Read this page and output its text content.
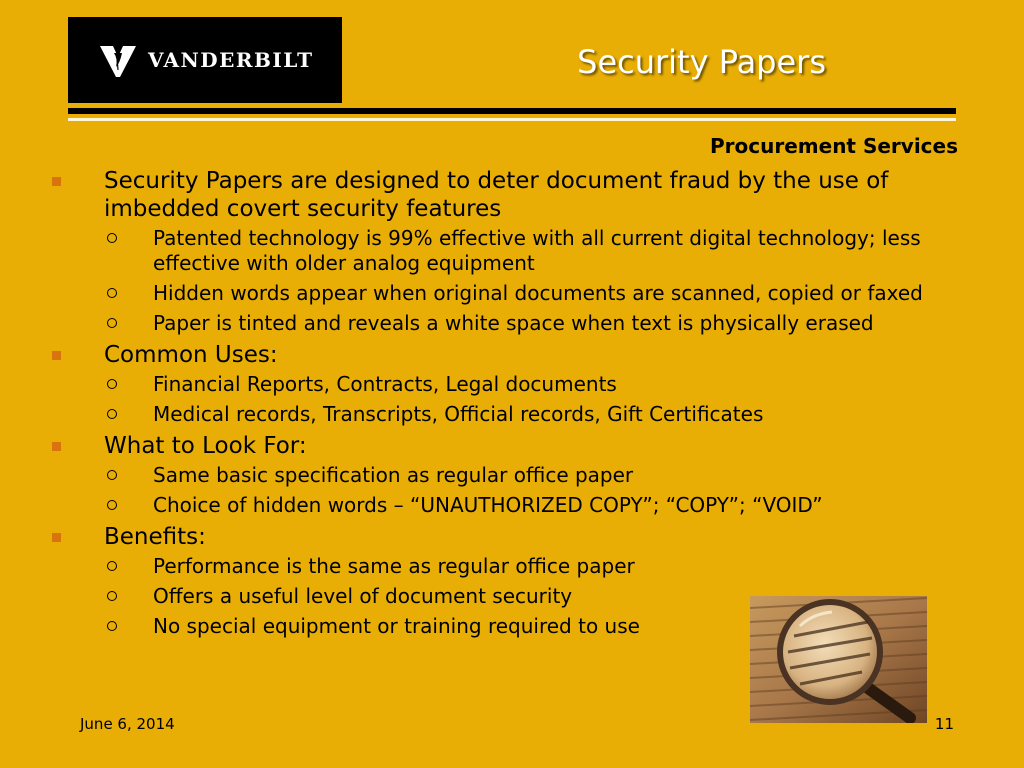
VANDERBILT	Security Papers
Procurement Services
Security Papers are designed to deter document fraud by the use of imbedded covert security features
Patented technology is 99% effective with all current digital technology; less effective with older analog equipment
Hidden words appear when original documents are scanned, copied or faxed
Paper is tinted and reveals a white space when text is physically erased
Common Uses:
Financial Reports, Contracts, Legal documents
Medical records, Transcripts, Official records, Gift Certificates
What to Look For:
Same basic specification as regular office paper
Choice of hidden words – “UNAUTHORIZED COPY”; “COPY”; “VOID”
Benefits:
Performance is the same as regular office paper
Offers a useful level of document security
No special equipment or training required to use
June 6, 2014	11
